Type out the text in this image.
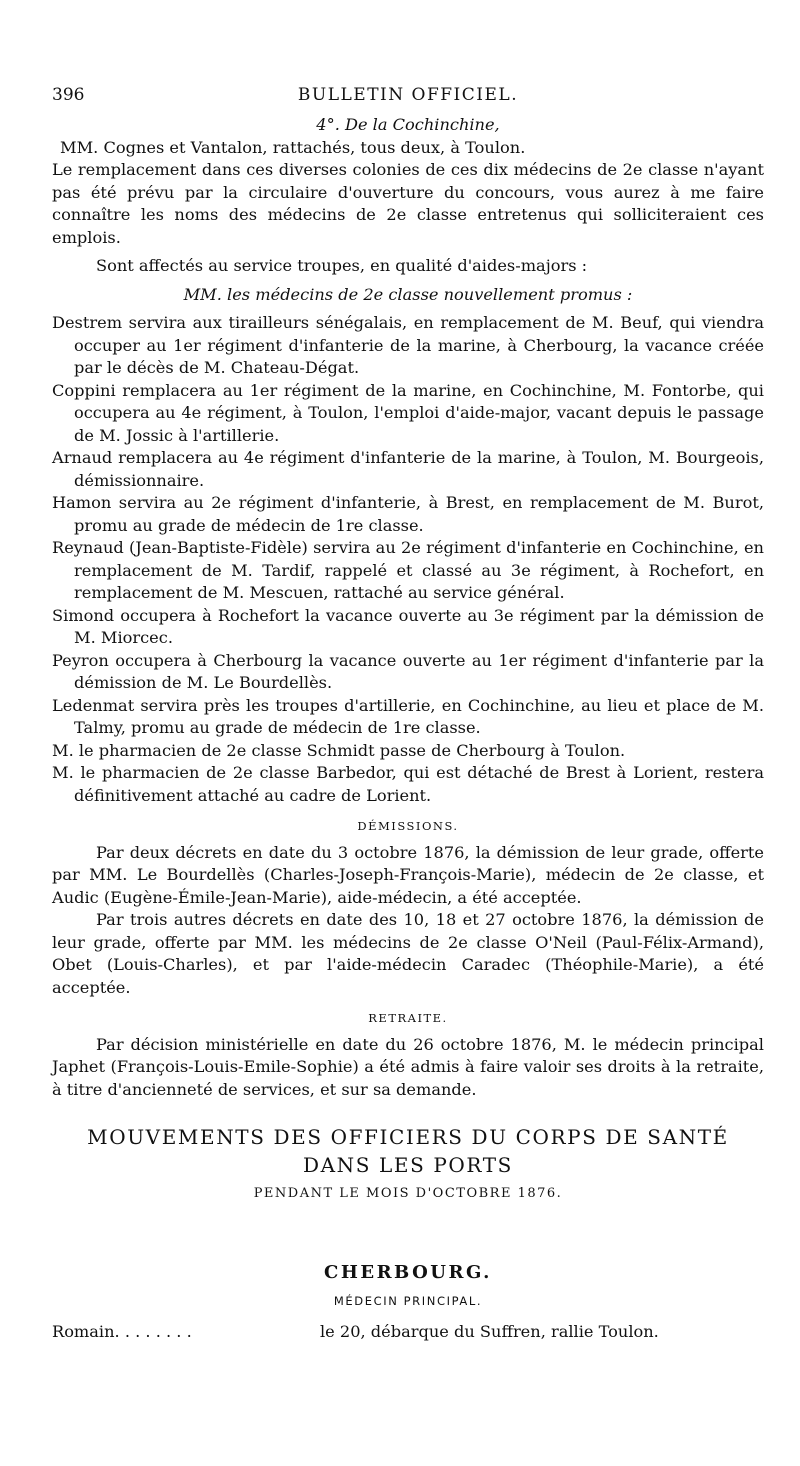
396	BULLETIN OFFICIEL.
4°. De la Cochinchine,

MM. Cognes et Vantalon, rattachés, tous deux, à Toulon.

Le remplacement dans ces diverses colonies de ces dix médecins de 2e classe n'ayant pas été prévu par la circulaire d'ouverture du concours, vous aurez à me faire connaître les noms des médecins de 2e classe entretenus qui solliciteraient ces emplois.

Sont affectés au service troupes, en qualité d'aides-majors :

MM. les médecins de 2e classe nouvellement promus :

Destrem servira aux tirailleurs sénégalais, en remplacement de M. Beuf, qui viendra occuper au 1er régiment d'infanterie de la marine, à Cherbourg, la vacance créée par le décès de M. Chateau-Dégat.

Coppini remplacera au 1er régiment de la marine, en Cochinchine, M. Fontorbe, qui occupera au 4e régiment, à Toulon, l'emploi d'aide-major, vacant depuis le passage de M. Jossic à l'artillerie.

Arnaud remplacera au 4e régiment d'infanterie de la marine, à Toulon, M. Bourgeois, démissionnaire.

Hamon servira au 2e régiment d'infanterie, à Brest, en remplacement de M. Burot, promu au grade de médecin de 1re classe.

Reynaud (Jean-Baptiste-Fidèle) servira au 2e régiment d'infanterie en Cochinchine, en remplacement de M. Tardif, rappelé et classé au 3e régiment, à Rochefort, en remplacement de M. Mescuen, rattaché au service général.

Simond occupera à Rochefort la vacance ouverte au 3e régiment par la démission de M. Miorcec.

Peyron occupera à Cherbourg la vacance ouverte au 1er régiment d'infanterie par la démission de M. Le Bourdellès.

Ledenmat servira près les troupes d'artillerie, en Cochinchine, au lieu et place de M. Talmy, promu au grade de médecin de 1re classe.

M. le pharmacien de 2e classe Schmidt passe de Cherbourg à Toulon.

M. le pharmacien de 2e classe Barbedor, qui est détaché de Brest à Lorient, restera définitivement attaché au cadre de Lorient.

DÉMISSIONS.

Par deux décrets en date du 3 octobre 1876, la démission de leur grade, offerte par MM. Le Bourdellès (Charles-Joseph-François-Marie), médecin de 2e classe, et Audic (Eugène-Émile-Jean-Marie), aide-médecin, a été acceptée.

Par trois autres décrets en date des 10, 18 et 27 octobre 1876, la démission de leur grade, offerte par MM. les médecins de 2e classe O'Neil (Paul-Félix-Armand), Obet (Louis-Charles), et par l'aide-médecin Caradec (Théophile-Marie), a été acceptée.

RETRAITE.

Par décision ministérielle en date du 26 octobre 1876, M. le médecin principal Japhet (François-Louis-Emile-Sophie) a été admis à faire valoir ses droits à la retraite, à titre d'ancienneté de services, et sur sa demande.

MOUVEMENTS DES OFFICIERS DU CORPS DE SANTÉ DANS LES PORTS
PENDANT LE MOIS D'OCTOBRE 1876.
CHERBOURG.
MÉDECIN PRINCIPAL.
Romain. . . . . . . .	le 20, débarque du Suffren, rallie Toulon.
